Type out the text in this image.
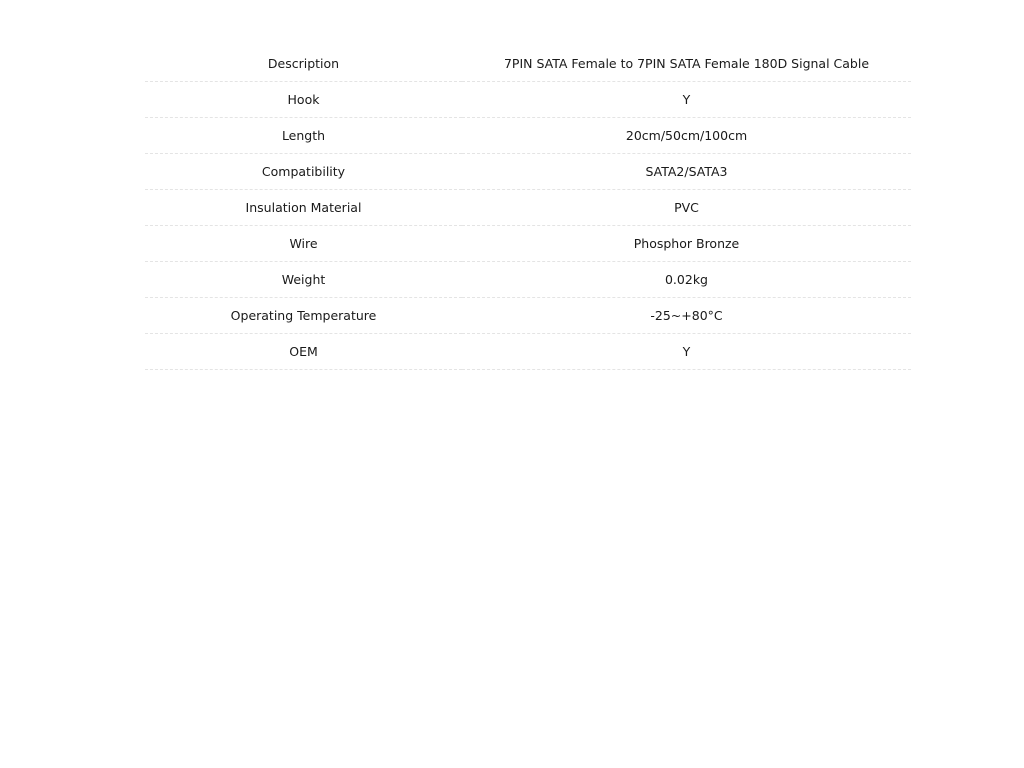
Description	7PIN SATA Female to 7PIN SATA Female 180D Signal Cable
Hook	Y
Length	20cm/50cm/100cm
Compatibility	SATA2/SATA3
Insulation Material	PVC
Wire	Phosphor Bronze
Weight	0.02kg
Operating Temperature	-25~+80°C
OEM	Y
